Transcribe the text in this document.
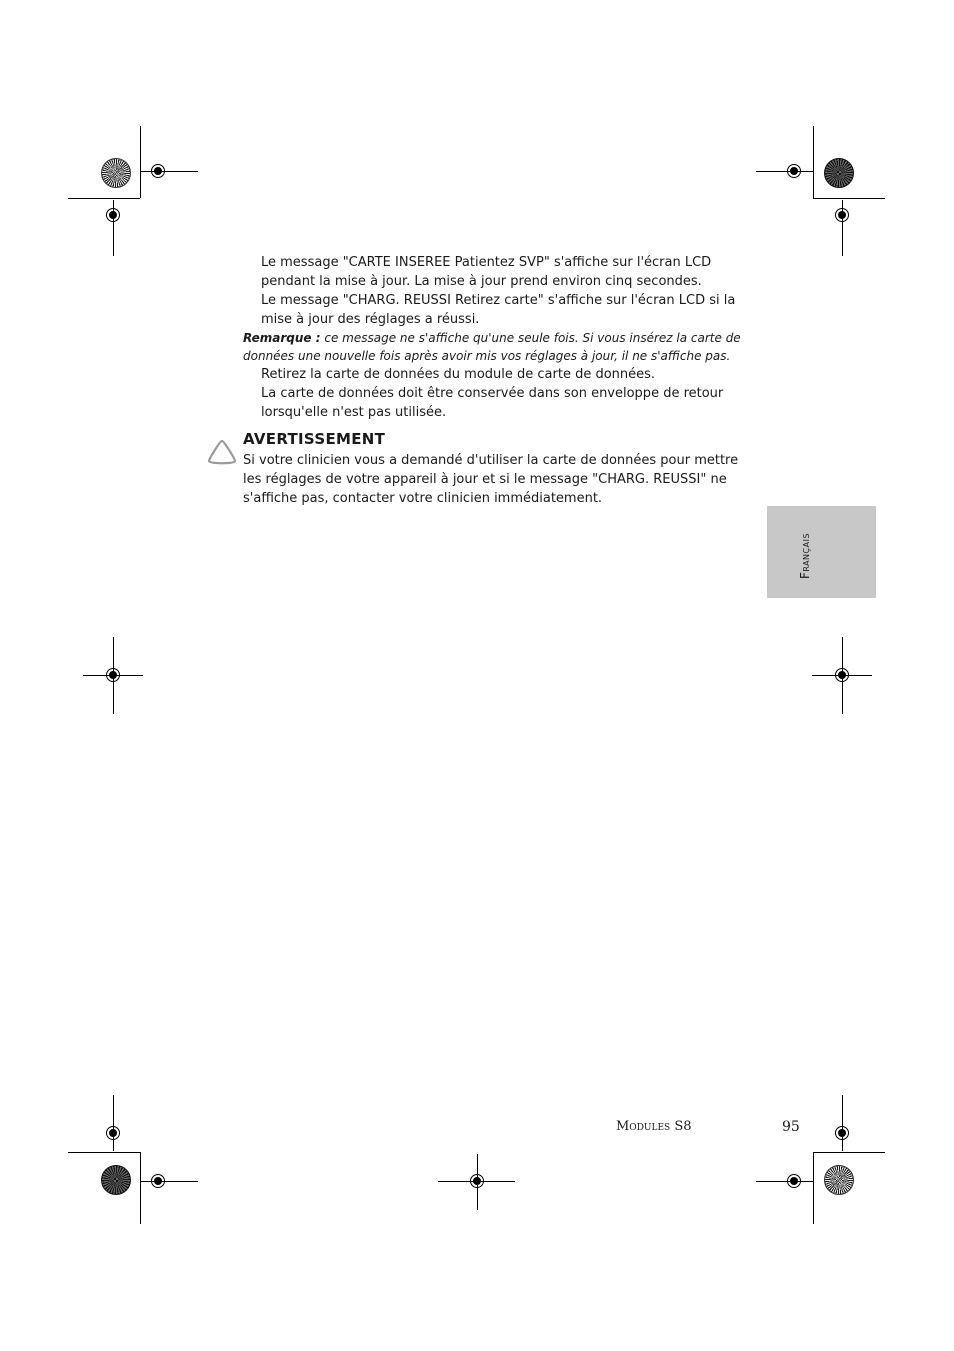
Le message "CARTE INSEREE Patientez SVP" s'affiche sur l'écran LCD pendant la mise à jour. La mise à jour prend environ cinq secondes.

Le message "CHARG. REUSSI Retirez carte" s'affiche sur l'écran LCD si la mise à jour des réglages a réussi.

Remarque : ce message ne s'affiche qu'une seule fois. Si vous insérez la carte de données une nouvelle fois après avoir mis vos réglages à jour, il ne s'affiche pas.

Retirez la carte de données du module de carte de données.

La carte de données doit être conservée dans son enveloppe de retour lorsqu'elle n'est pas utilisée.

AVERTISSEMENT
Si votre clinicien vous a demandé d'utiliser la carte de données pour mettre les réglages de votre appareil à jour et si le message "CHARG. REUSSI" ne s'affiche pas, contacter votre clinicien immédiatement.
Français
Modules S8	95
